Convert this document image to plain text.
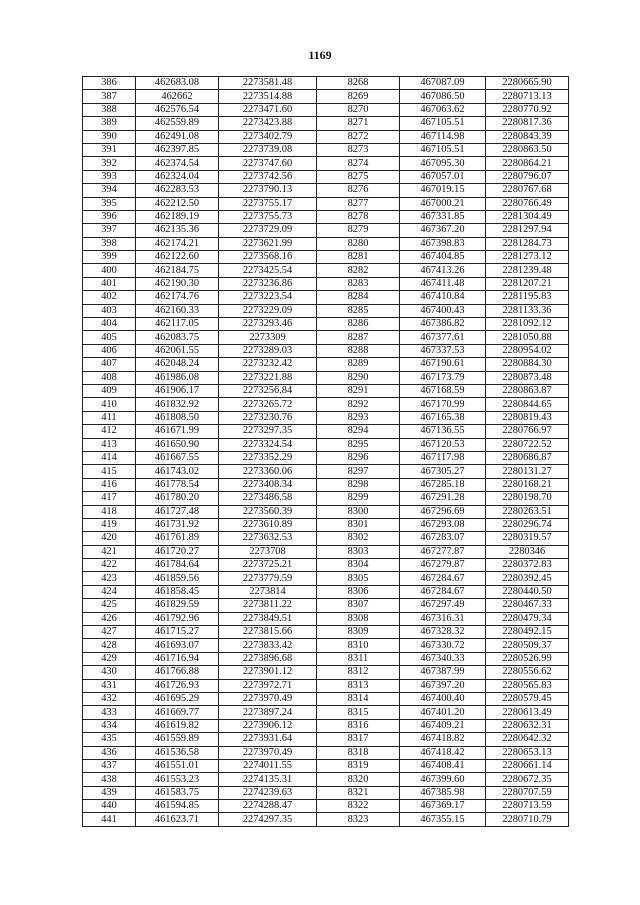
1169
386	462683.08	2273581.48	8268	467087.09	2280665.90
387	462662	2273514.88	8269	467086.50	2280713.13
388	462576.54	2273471.60	8270	467063.62	2280770.92
389	462559.89	2273423.88	8271	467105.51	2280817.36
390	462491.08	2273402.79	8272	467114.98	2280843.39
391	462397.85	2273739.08	8273	467105.51	2280863.50
392	462374.54	2273747.60	8274	467095.30	2280864.21
393	462324.04	2273742.56	8275	467057.01	2280796.07
394	462283.53	2273790.13	8276	467019.15	2280767.68
395	462212.50	2273755.17	8277	467000.21	2280766.49
396	462189.19	2273755.73	8278	467331.85	2281304.49
397	462135.36	2273729.09	8279	467367.20	2281297.94
398	462174.21	2273621.99	8280	467398.83	2281284.73
399	462122.60	2273568.16	8281	467404.85	2281273.12
400	462184.75	2273425.54	8282	467413.26	2281239.48
401	462190.30	2273236.86	8283	467411.48	2281207.21
402	462174.76	2273223.54	8284	467410.84	2281195.83
403	462160.33	2273229.09	8285	467400.43	2281133.36
404	462117.05	2273293.46	8286	467386.82	2281092.12
405	462083.75	2273309	8287	467377.61	2281050.88
406	462061.55	2273289.03	8288	467337.53	2280954.02
407	462048.24	2273232.42	8289	467190.61	2280884.30
408	461986.08	2273221.88	8290	467173.79	2280873.48
409	461906.17	2273256.84	8291	467168.59	2280863.87
410	461832.92	2273265.72	8292	467170.99	2280844.65
411	461808.50	2273230.76	8293	467165.38	2280819.43
412	461671.99	2273297.35	8294	467136.55	2280766.97
413	461650.90	2273324.54	8295	467120.53	2280722.52
414	461667.55	2273352.29	8296	467117.98	2280686.87
415	461743.02	2273360.06	8297	467305.27	2280131.27
416	461778.54	2273408.34	8298	467285.18	2280168.21
417	461780.20	2273486.58	8299	467291.28	2280198.70
418	461727.48	2273560.39	8300	467296.69	2280263.51
419	461731.92	2273610.89	8301	467293.08	2280296.74
420	461761.89	2273632.53	8302	467283.07	2280319.57
421	461720.27	2273708	8303	467277.87	2280346
422	461784.64	2273725.21	8304	467279.87	2280372.83
423	461859.56	2273779.59	8305	467284.67	2280392.45
424	461858.45	2273814	8306	467284.67	2280440.50
425	461829.59	2273811.22	8307	467297.49	2280467.33
426	461792.96	2273849.51	8308	467316.31	2280479.34
427	461715.27	2273815.66	8309	467328.32	2280492.15
428	461693.07	2273833.42	8310	467330.72	2280509.37
429	461716.94	2273896.68	8311	467340.33	2280526.99
430	461766.88	2273901.12	8312	467387.99	2280556.62
431	461726.93	2273972.71	8313	467397.20	2280565.83
432	461695.29	2273970.49	8314	467400.40	2280579.45
433	461669.77	2273897.24	8315	467401.20	2280613.49
434	461619.82	2273906.12	8316	467409.21	2280632.31
435	461559.89	2273931.64	8317	467418.82	2280642.32
436	461536.58	2273970.49	8318	467418.42	2280653.13
437	461551.01	2274011.55	8319	467408.41	2280661.14
438	461553.23	2274135.31	8320	467399.60	2280672.35
439	461583.75	2274239.63	8321	467385.98	2280707.59
440	461594.85	2274288.47	8322	467369.17	2280713.59
441	461623.71	2274297.35	8323	467355.15	2280710.79
